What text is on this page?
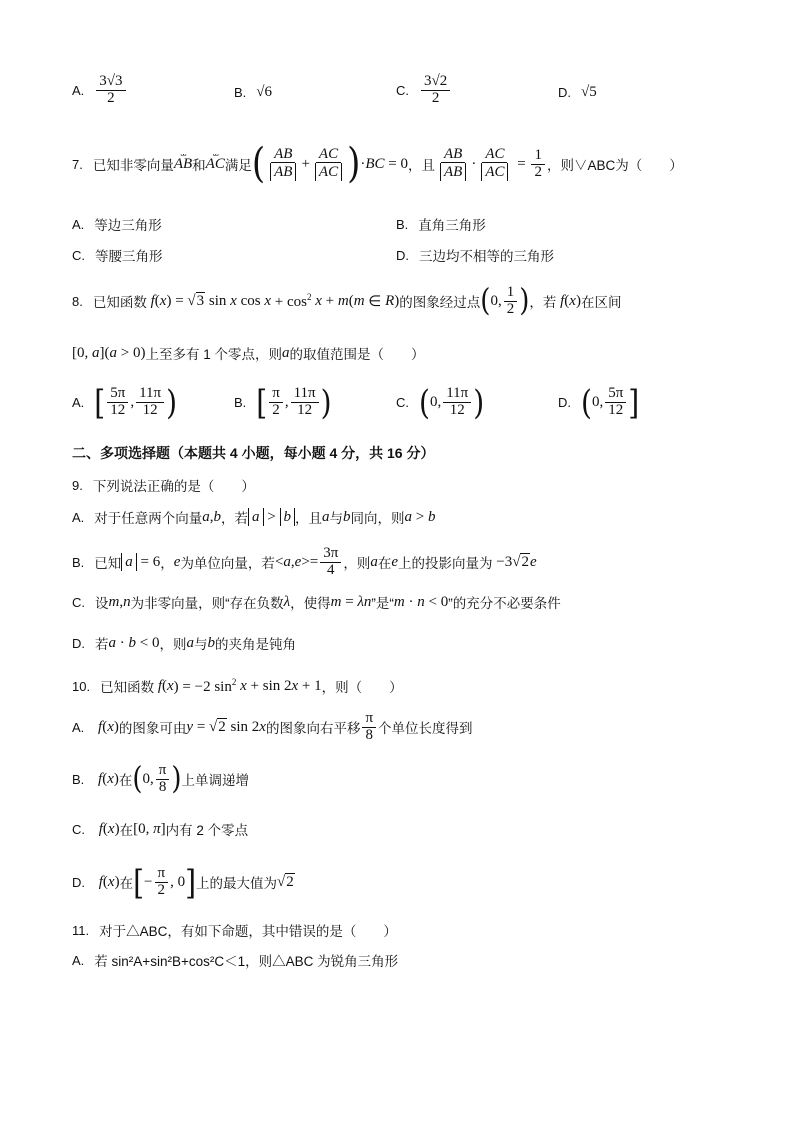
A. $\frac{3√3}{2}$	B. √6	C. $\frac{3√2}{2}$	D. √5
7. 已知非零向量
⎵⎵
AB 和
⎵⎵
AC 满足 ( $\frac{AB}{AB} + \frac{AC}{AC}$ ) · BC = 0 ，且 $\frac{AB}{AB} \cdot \frac{AC}{AC} = \frac{1}{2}$ ，则∨ABC为（　　）
A. 等边三角形	B. 直角三角形
C. 等腰三角形	D. 三边均不相等的三角形
8. 已知函数 f ( x ) = √3 sin x $\cos x + \cos^2 x + m$ ( m ∈ R ) 的图象经过点 ( 0, $\frac{1}{2}$ ) ，若 f ( x ) 在区间
[0, a ]( a > 0) 上至多有 1 个零点，则 a 的取值范围是（　　）
A. [ $\frac{5\pi}{12}$ , $\frac{11\pi}{12}$ )	B. [ $\frac{\pi}{2}$ , $\frac{11\pi}{12}$ )	C. ( 0, $\frac{11\pi}{12}$ )	D. ( 0, $\frac{5\pi}{12}$ ]
二、多项选择题（本题共 4 小题，每小题 4 分，共 16 分）
9. 下列说法正确的是（　　）
A. 对于任意两个向量 a , b ，若 a > b ，且 a 与 b 同向，则 a > b
B. 已知 a = 6 ， e 为单位向量，若 < a , $e >= \frac{3\pi}{4}$ ，则 a 在 e 上的投影向量为 −3√2 e
C. 设 m , n 为非零向量，则“存在负数 λ ，使得 m = λn ”是“ m · n < 0 ”的充分不必要条件
D. 若 a · b < 0 ，则 a 与 b 的夹角是钝角
10. 已知函数 f ( x ) = −2 $\sin^2 x + \sin 2$ x + 1 ，则（　　）
A. f ( x ) 的图象可由 y = √2 sin 2 x 的图象向右平移 $\frac{\pi}{8}$ 个单位长度得到
B. f ( x ) 在 ( 0, $\frac{\pi}{8}$ ) 上单调递增
C. f ( x ) 在 [0, π ] 内有 2 个零点
D. f ( x ) 在 [ − $\frac{\pi}{2}$ , 0 ] 上的最大值为 √2
11. 对于△ABC，有如下命题，其中错误的是（　　）
A. 若 sin²A+sin²B+cos²C＜1，则△ABC 为锐角三角形
